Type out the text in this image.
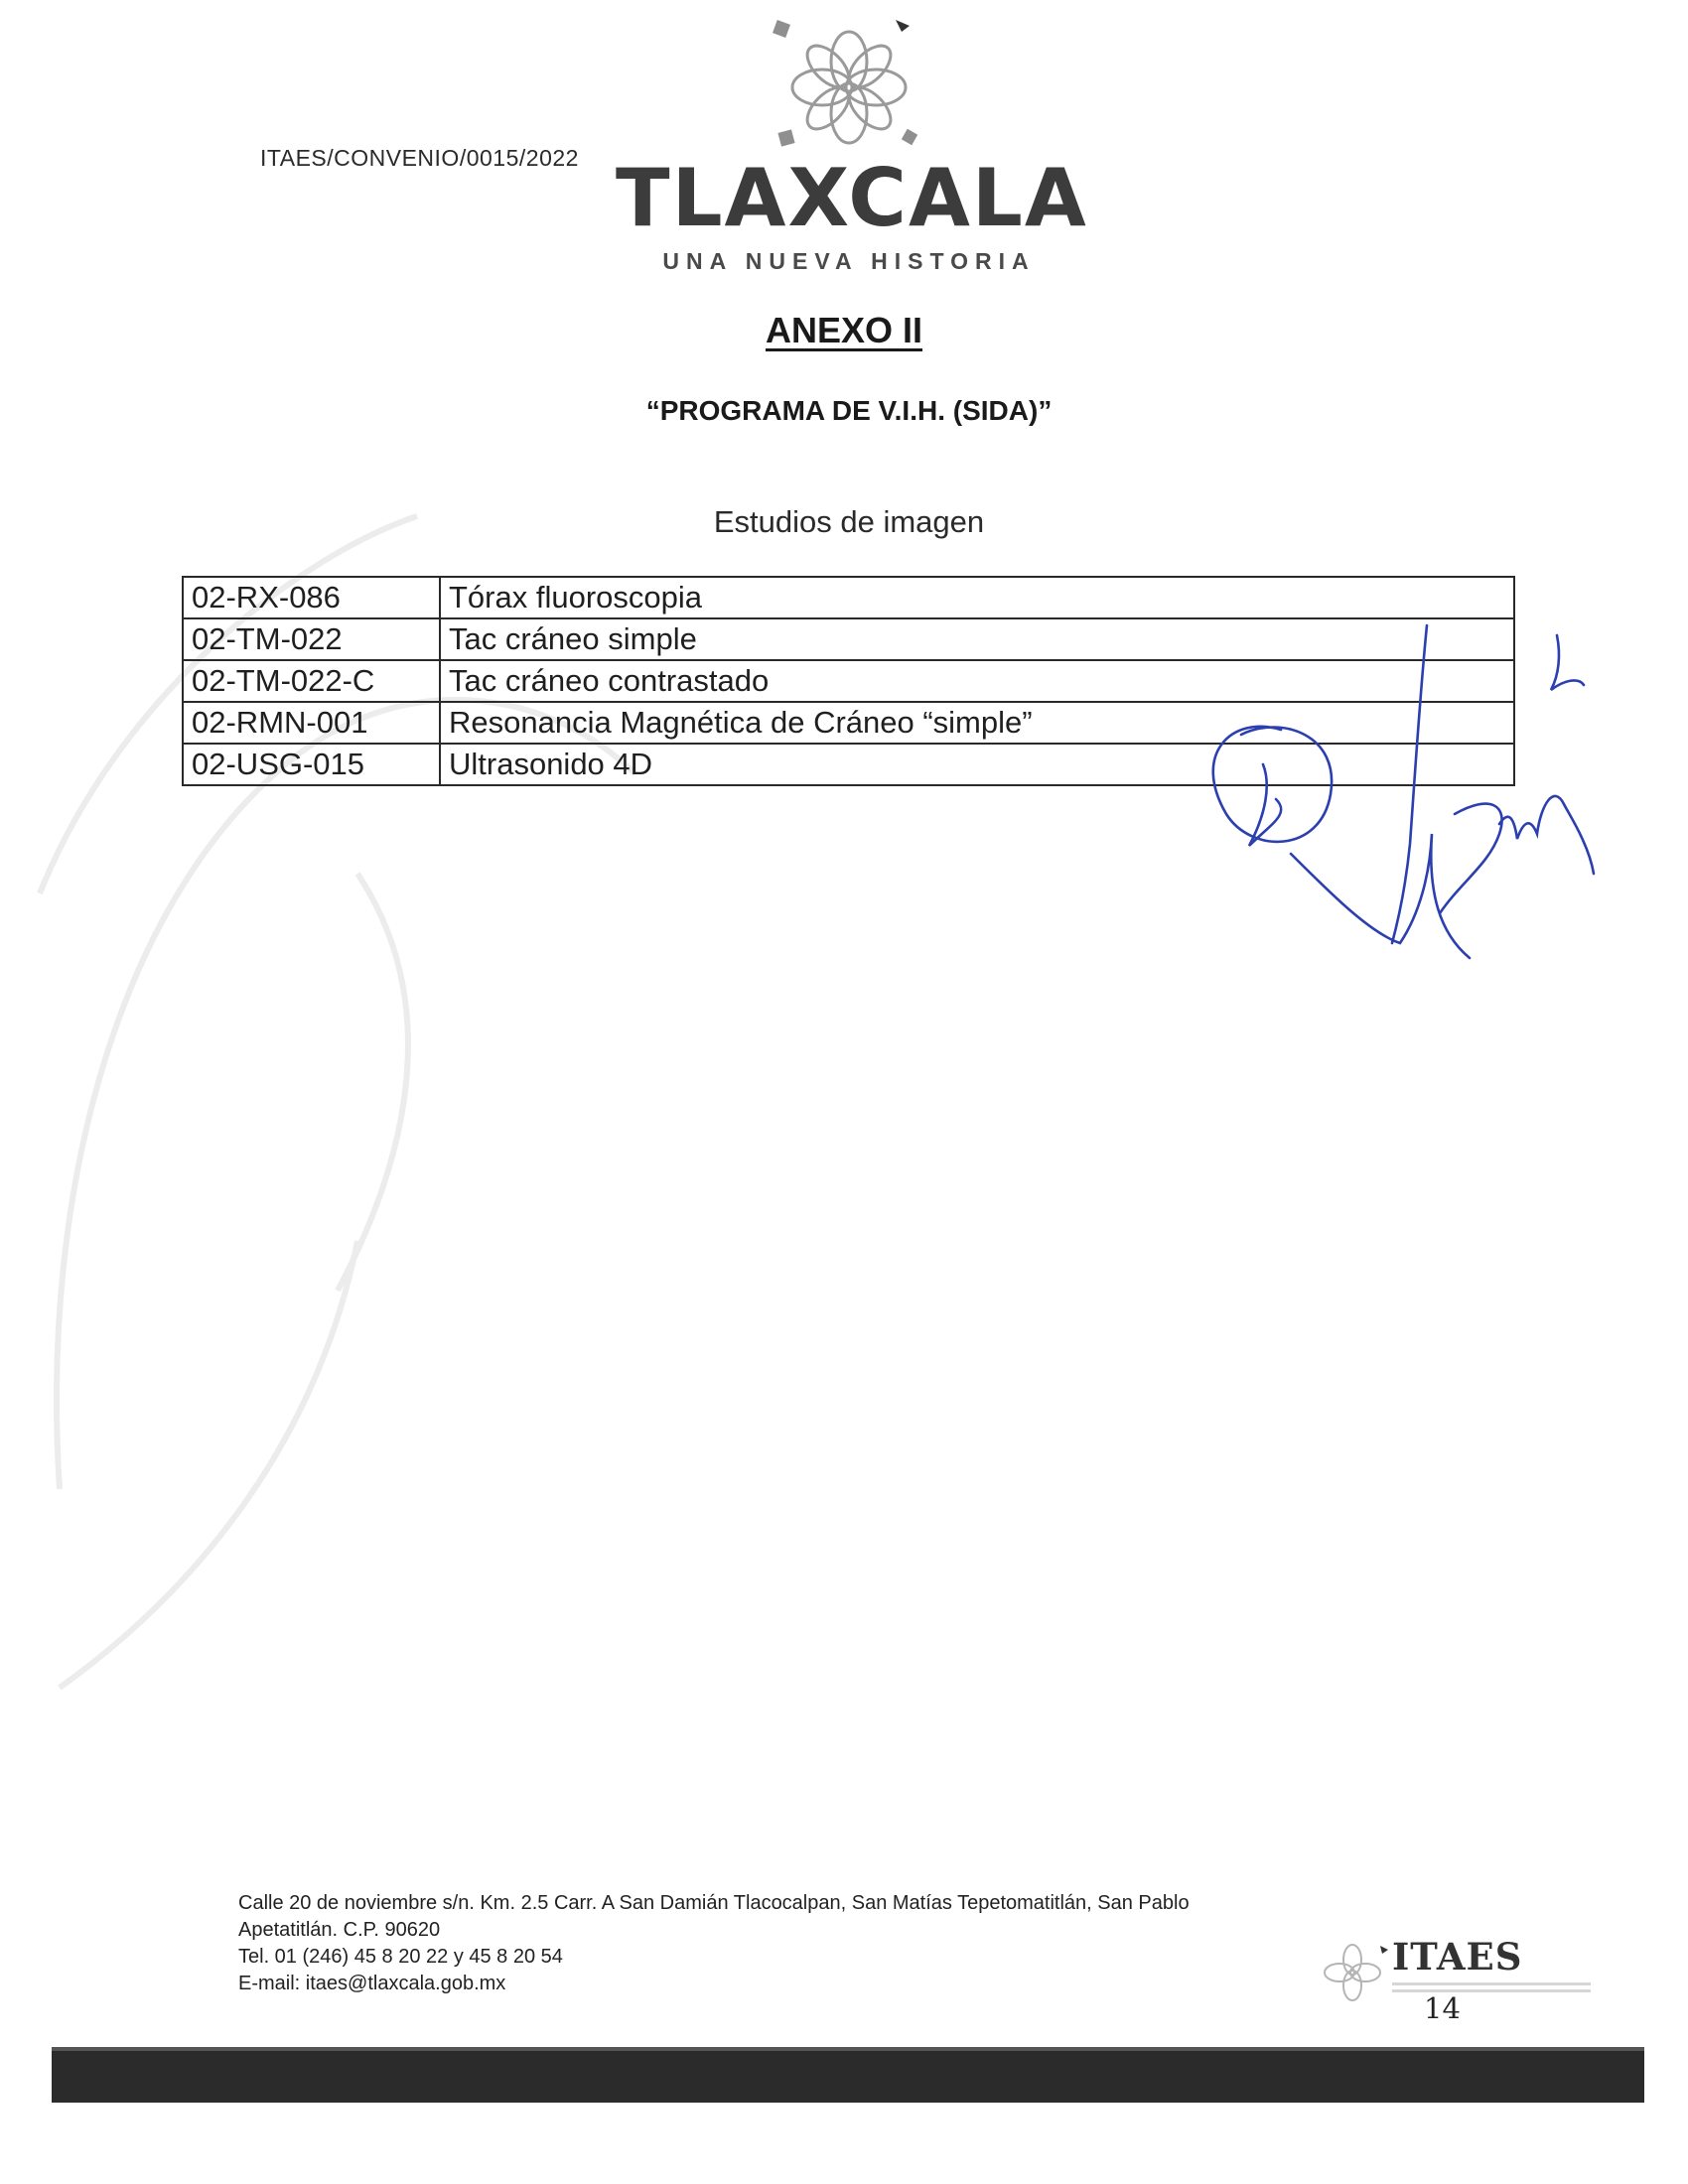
ITAES/CONVENIO/0015/2022 TLAXCALA
UNA NUEVA HISTORIA
ANEXO II
“PROGRAMA DE V.I.H. (SIDA)”
Estudios de imagen
02-RX-086	Tórax fluoroscopia
02-TM-022	Tac cráneo simple
02-TM-022-C	Tac cráneo contrastado
02-RMN-001	Resonancia Magnética de Cráneo “simple”
02-USG-015	Ultrasonido 4D
Calle 20 de noviembre s/n. Km. 2.5 Carr. A San Damián Tlacocalpan, San Matías Tepetomatitlán, San Pablo
Apetatitlán. C.P. 90620
Tel. 01 (246) 45 8 20 22 y 45 8 20 54
E-mail: itaes@tlaxcala.gob.mx
ITAES
14
